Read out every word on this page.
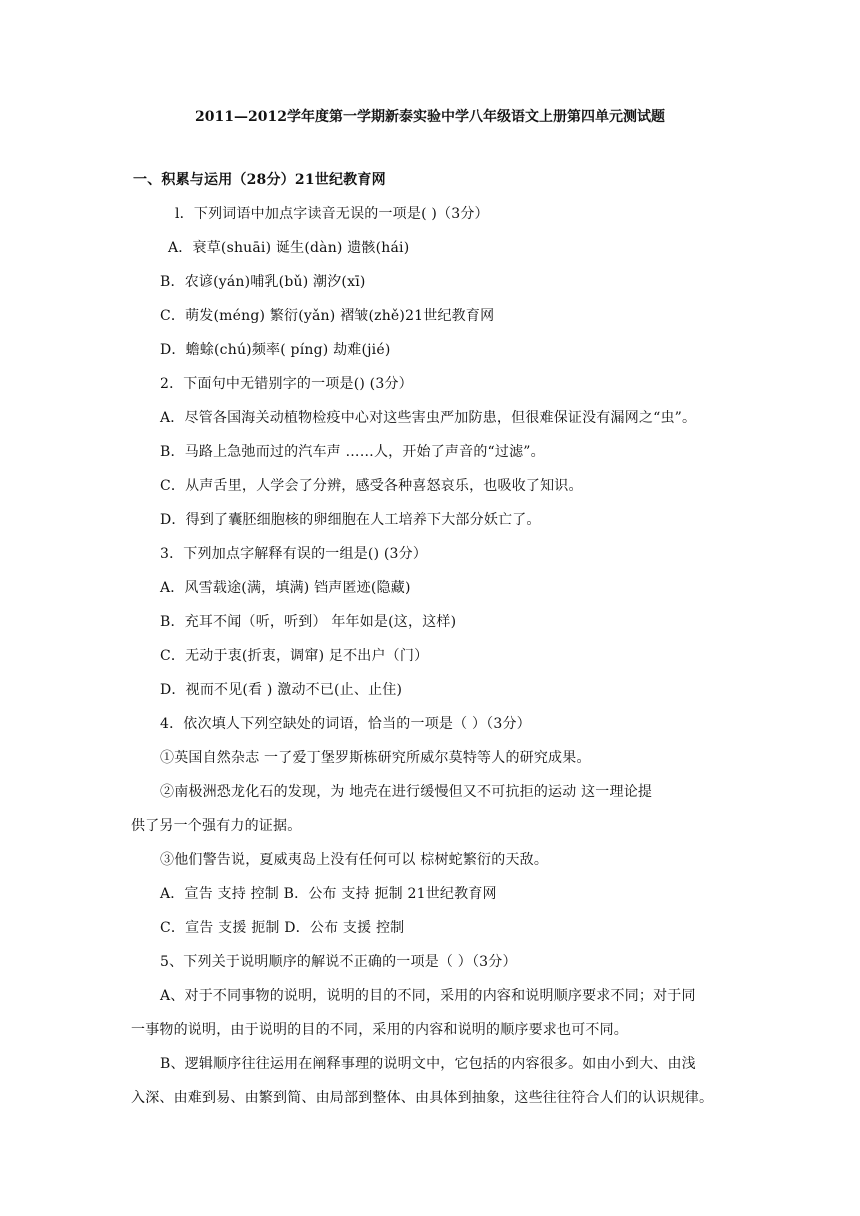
2011—2012学年度第一学期新泰实验中学八年级语文上册第四单元测试题
一、积累与运用（28分）21世纪教育网
l．下列词语中加点字读音无误的一项是( )（3分）
A．衰草(shuāi) 诞生(dàn) 遗骸(hái)
B．农谚(yán)哺乳(bǔ) 潮汐(xī)
C．萌发(méng) 繁衍(yǎn) 褶皱(zhě)21世纪教育网
D．蟾蜍(chú)频率( píng) 劫难(jié)
2．下面句中无错别字的一项是() (3分）
A．尽管各国海关动植物检疫中心对这些害虫严加防患，但很难保证没有漏网之“虫”。
B．马路上急弛而过的汽车声 ……人，开始了声音的“过滤”。
C．从声舌里，人学会了分辨，感受各种喜怒哀乐，也吸收了知识。
D．得到了囊胚细胞核的卵细胞在人工培养下大部分妖亡了。
3．下列加点字解释有误的一组是() (3分）
A．风雪载途(满，填满) 铛声匿迹(隐藏)
B．充耳不闻（听，听到） 年年如是(这，这样)
C．无动于衷(折衷，调窜) 足不出户（门）
D．视而不见(看 ) 激动不已(止、止住)
4．依次填人下列空缺处的词语，恰当的一项是（ ）（3分）
①英国自然杂志 一了爱丁堡罗斯栋研究所威尔莫特等人的研究成果。
②南极洲恐龙化石的发现，为 地壳在进行缓慢但又不可抗拒的运动 这一理论提
供了另一个强有力的证据。
③他们警告说，夏威夷岛上没有任何可以 棕树蛇繁衍的天敌。
A．宣告 支持 控制 B．公布 支持 扼制 21世纪教育网
C．宣告 支援 扼制 D．公布 支援 控制
5、下列关于说明顺序的解说不正确的一项是（ ）（3分）
A、对于不同事物的说明，说明的目的不同，采用的内容和说明顺序要求不同；对于同
一事物的说明，由于说明的目的不同，采用的内容和说明的顺序要求也可不同。
B、逻辑顺序往往运用在阐释事理的说明文中，它包括的内容很多。如由小到大、由浅
入深、由难到易、由繁到简、由局部到整体、由具体到抽象，这些往往符合人们的认识规律。
